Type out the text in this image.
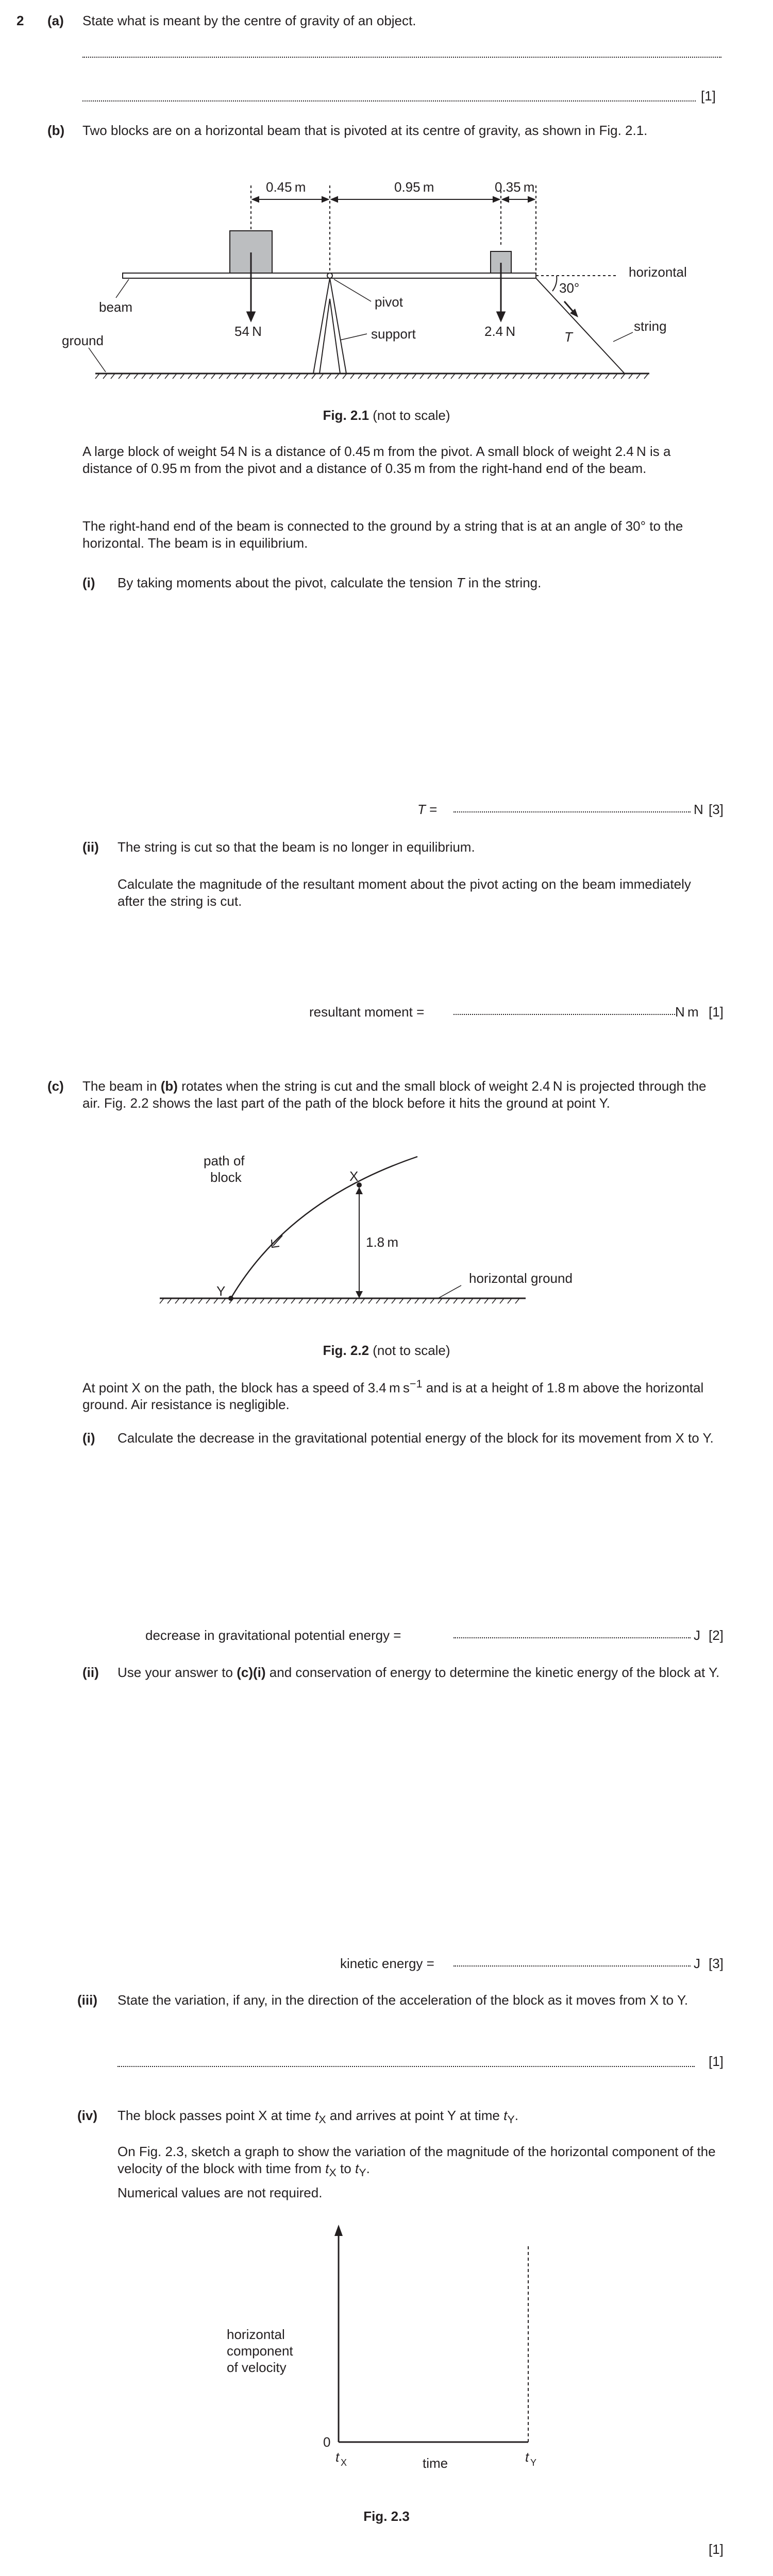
2 (a) State what is meant by the centre of gravity of an object.
[1]
(b) Two blocks are on a horizontal beam that is pivoted at its centre of gravity, as shown in Fig. 2.1.

0.45 m	0.95 m	0.35 m
54 N	2.4 N
30°
T
beam	pivot
support
ground
horizontal
string
Fig. 2.1 (not to scale)

A large block of weight 54 N is a distance of 0.45 m from the pivot. A small block of weight 2.4 N is a distance of 0.95 m from the pivot and a distance of 0.35 m from the right-hand end of the beam.

The right-hand end of the beam is connected to the ground by a string that is at an angle of 30° to the horizontal. The beam is in equilibrium.

(i) By taking moments about the pivot, calculate the tension T in the string.

T =	N [3]
(ii) The string is cut so that the beam is no longer in equilibrium.

Calculate the magnitude of the resultant moment about the pivot acting on the beam immediately after the string is cut.

resultant moment =	N m [1]
(c) The beam in (b) rotates when the string is cut and the small block of weight 2.4 N is projected through the air. Fig. 2.2 shows the last part of the path of the block before it hits the ground at point Y.

1.8 m
X
Y
path of
block
horizontal ground
Fig. 2.2 (not to scale)

At point X on the path, the block has a speed of 3.4 m $s^{-1}$ and is at a height of 1.8 m above the horizontal ground. Air resistance is negligible.

(i) Calculate the decrease in the gravitational potential energy of the block for its movement from X to Y.

decrease in gravitational potential energy =	J [2]
(ii) Use your answer to (c)(i) and conservation of energy to determine the kinetic energy of the block at Y.

kinetic energy =	J [3]
(iii) State the variation, if any, in the direction of the acceleration of the block as it moves from X to Y.

[1]
(iv) The block passes point X at time $t_X$ and arrives at point Y at time $t_Y$.

On Fig. 2.3, sketch a graph to show the variation of the magnitude of the horizontal component of the velocity of the block with time from $t_X$ to $t_Y$.

Numerical values are not required.

horizontal
component
of velocity
0
t X	t Y
time
Fig. 2.3
[1]
